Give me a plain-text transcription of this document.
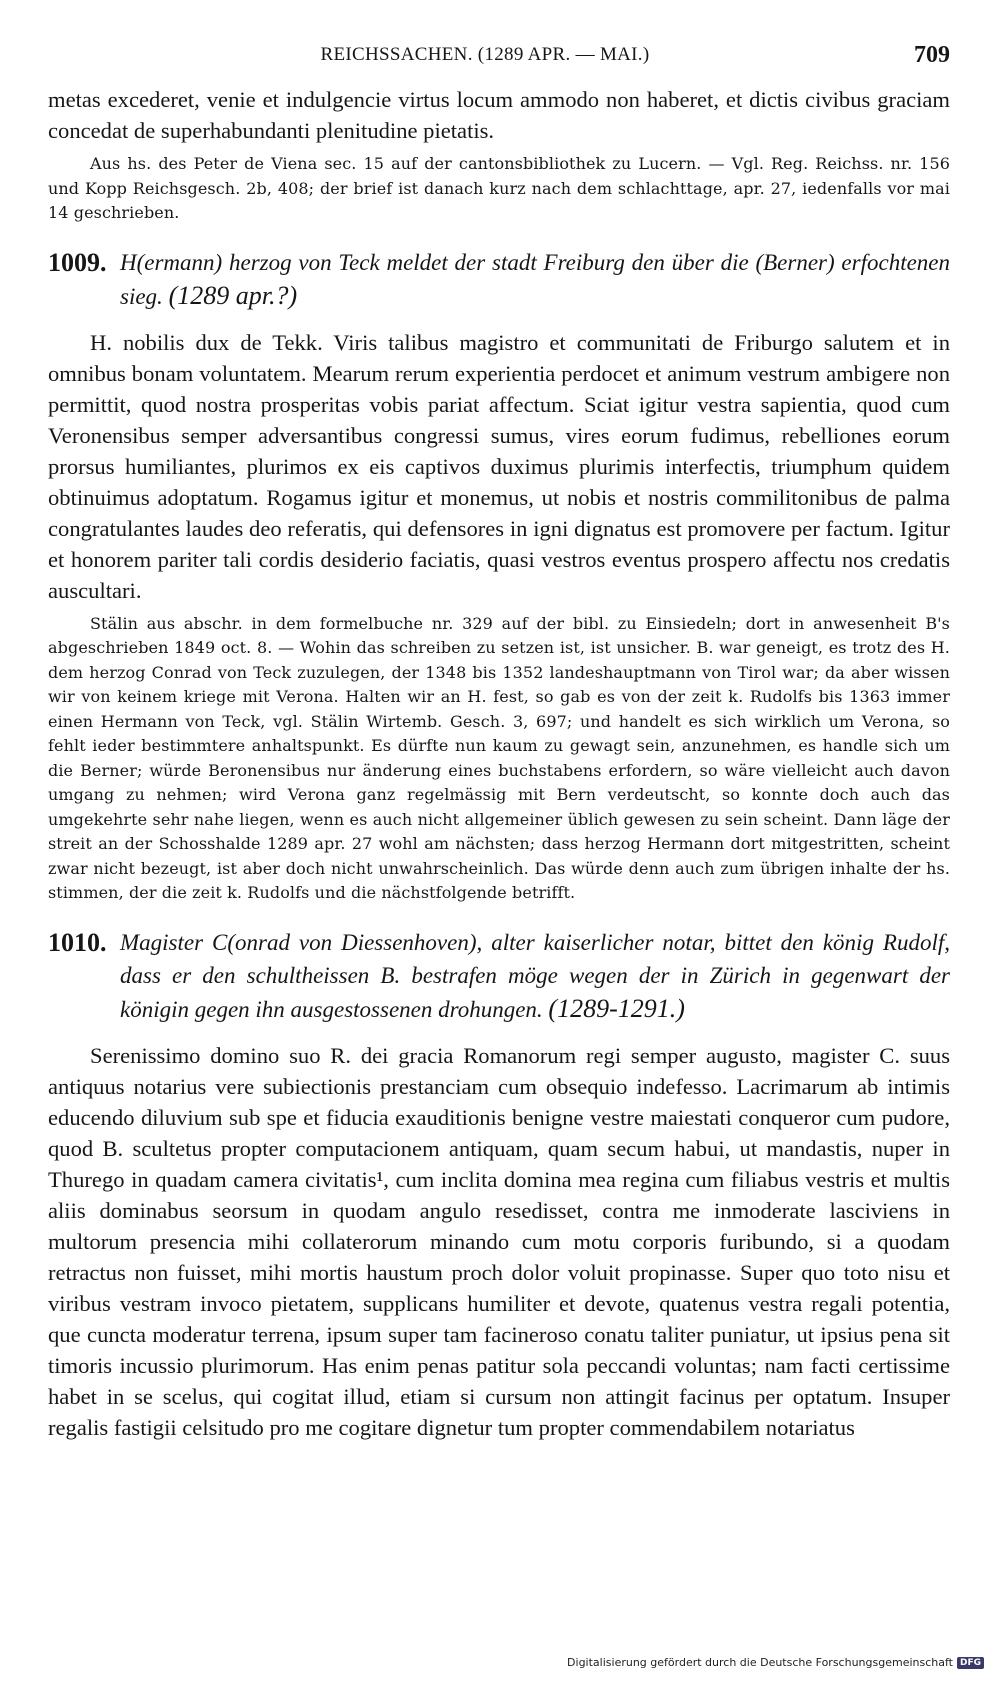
REICHSSACHEN. (1289 APR. — MAI.)	709

metas excederet, venie et indulgencie virtus locum ammodo non haberet, et dictis civibus graciam concedat de superhabundanti plenitudine pietatis.

Aus hs. des Peter de Viena sec. 15 auf der cantonsbibliothek zu Lucern. — Vgl. Reg. Reichss. nr. 156 und Kopp Reichsgesch. 2b, 408; der brief ist danach kurz nach dem schlachttage, apr. 27, iedenfalls vor mai 14 geschrieben.

1009. H(ermann) herzog von Teck meldet der stadt Freiburg den über die (Berner) erfochtenen sieg. (1289 apr.?)

H. nobilis dux de Tekk. Viris talibus magistro et communitati de Friburgo salutem et in omnibus bonam voluntatem. Mearum rerum experientia perdocet et animum vestrum ambigere non permittit, quod nostra prosperitas vobis pariat affectum. Sciat igitur vestra sapientia, quod cum Veronensibus semper adversantibus congressi sumus, vires eorum fudimus, rebelliones eorum prorsus humiliantes, plurimos ex eis captivos duximus plurimis interfectis, triumphum quidem obtinuimus adoptatum. Rogamus igitur et monemus, ut nobis et nostris commilitonibus de palma congratulantes laudes deo referatis, qui defensores in igni dignatus est promovere per factum. Igitur et honorem pariter tali cordis desiderio faciatis, quasi vestros eventus prospero affectu nos credatis auscultari.

Stälin aus abschr. in dem formelbuche nr. 329 auf der bibl. zu Einsiedeln; dort in anwesenheit B's abgeschrieben 1849 oct. 8. — Wohin das schreiben zu setzen ist, ist unsicher. B. war geneigt, es trotz des H. dem herzog Conrad von Teck zuzulegen, der 1348 bis 1352 landeshauptmann von Tirol war; da aber wissen wir von keinem kriege mit Verona. Halten wir an H. fest, so gab es von der zeit k. Rudolfs bis 1363 immer einen Hermann von Teck, vgl. Stälin Wirtemb. Gesch. 3, 697; und handelt es sich wirklich um Verona, so fehlt ieder bestimmtere anhaltspunkt. Es dürfte nun kaum zu gewagt sein, anzunehmen, es handle sich um die Berner; würde Beronensibus nur änderung eines buchstabens erfordern, so wäre vielleicht auch davon umgang zu nehmen; wird Verona ganz regelmässig mit Bern verdeutscht, so konnte doch auch das umgekehrte sehr nahe liegen, wenn es auch nicht allgemeiner üblich gewesen zu sein scheint. Dann läge der streit an der Schosshalde 1289 apr. 27 wohl am nächsten; dass herzog Hermann dort mitgestritten, scheint zwar nicht bezeugt, ist aber doch nicht unwahrscheinlich. Das würde denn auch zum übrigen inhalte der hs. stimmen, der die zeit k. Rudolfs und die nächstfolgende betrifft.

1010. Magister C(onrad von Diessenhoven), alter kaiserlicher notar, bittet den könig Rudolf, dass er den schultheissen B. bestrafen möge wegen der in Zürich in gegenwart der königin gegen ihn ausgestossenen drohungen. (1289-1291.)

Serenissimo domino suo R. dei gracia Romanorum regi semper augusto, magister C. suus antiquus notarius vere subiectionis prestanciam cum obsequio indefesso. Lacrimarum ab intimis educendo diluvium sub spe et fiducia exauditionis benigne vestre maiestati conqueror cum pudore, quod B. scultetus propter computacionem antiquam, quam secum habui, ut mandastis, nuper in Thurego in quadam camera civitatis¹, cum inclita domina mea regina cum filiabus vestris et multis aliis dominabus seorsum in quodam angulo resedisset, contra me inmoderate lasciviens in multorum presencia mihi collaterorum minando cum motu corporis furibundo, si a quodam retractus non fuisset, mihi mortis haustum proch dolor voluit propinasse. Super quo toto nisu et viribus vestram invoco pietatem, supplicans humiliter et devote, quatenus vestra regali potentia, que cuncta moderatur terrena, ipsum super tam facineroso conatu taliter puniatur, ut ipsius pena sit timoris incussio plurimorum. Has enim penas patitur sola peccandi voluntas; nam facti certissime habet in se scelus, qui cogitat illud, etiam si cursum non attingit facinus per optatum. Insuper regalis fastigii celsitudo pro me cogitare dignetur tum propter commendabilem notariatus

Digitalisierung gefördert durch die Deutsche Forschungsgemeinschaft DFG
